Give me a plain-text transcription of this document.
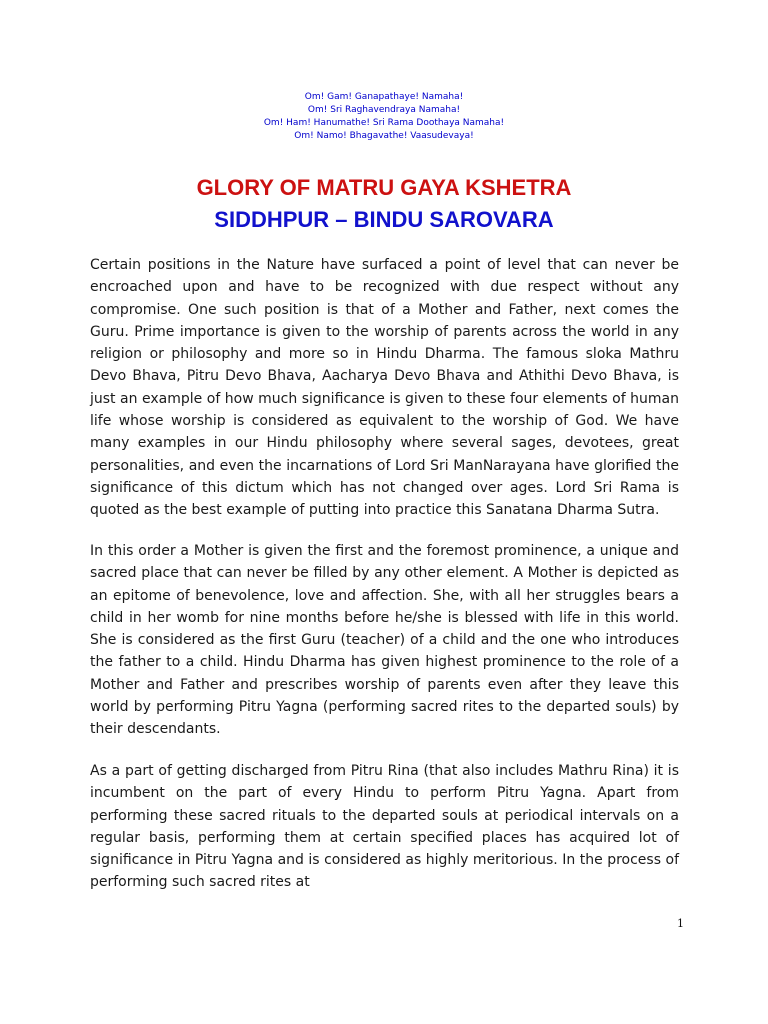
Om! Gam! Ganapathaye! Namaha!
Om! Sri Raghavendraya Namaha!
Om! Ham! Hanumathe! Sri Rama Doothaya Namaha!
Om! Namo! Bhagavathe! Vaasudevaya!
GLORY OF MATRU GAYA KSHETRA
SIDDHPUR – BINDU SAROVARA
Certain positions in the Nature have surfaced a point of level that can never be encroached upon and have to be recognized with due respect without any compromise. One such position is that of a Mother and Father, next comes the Guru. Prime importance is given to the worship of parents across the world in any religion or philosophy and more so in Hindu Dharma. The famous sloka Mathru Devo Bhava, Pitru Devo Bhava, Aacharya Devo Bhava and Athithi Devo Bhava, is just an example of how much significance is given to these four elements of human life whose worship is considered as equivalent to the worship of God. We have many examples in our Hindu philosophy where several sages, devotees, great personalities, and even the incarnations of Lord Sri ManNarayana have glorified the significance of this dictum which has not changed over ages. Lord Sri Rama is quoted as the best example of putting into practice this Sanatana Dharma Sutra.
In this order a Mother is given the first and the foremost prominence, a unique and sacred place that can never be filled by any other element. A Mother is depicted as an epitome of benevolence, love and affection. She, with all her struggles bears a child in her womb for nine months before he/she is blessed with life in this world. She is considered as the first Guru (teacher) of a child and the one who introduces the father to a child. Hindu Dharma has given highest prominence to the role of a Mother and Father and prescribes worship of parents even after they leave this world by performing Pitru Yagna (performing sacred rites to the departed souls) by their descendants.
As a part of getting discharged from Pitru Rina (that also includes Mathru Rina) it is incumbent on the part of every Hindu to perform Pitru Yagna. Apart from performing these sacred rituals to the departed souls at periodical intervals on a regular basis, performing them at certain specified places has acquired lot of significance in Pitru Yagna and is considered as highly meritorious. In the process of performing such sacred rites at
1
